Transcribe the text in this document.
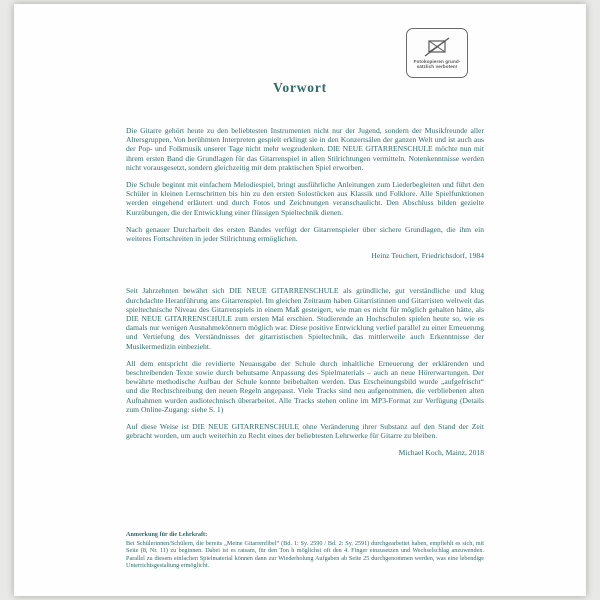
Fotokopieren grund-
sätzlich verboten!
Vorwort

Die Gitarre gehört heute zu den beliebtesten Instrumenten nicht nur der Jugend, sondern der Musikfreunde aller Altersgruppen. Von berühmten Interpreten gespielt erklingt sie in den Konzertsälen der ganzen Welt und ist auch aus der Pop- und Folkmusik unserer Tage nicht mehr wegzudenken. DIE NEUE GITARRENSCHULE möchte nun mit ihrem ersten Band die Grundlagen für das Gitarrenspiel in allen Stilrichtungen vermitteln. Notenkenntnisse werden nicht vorausgesetzt, sondern gleichzeitig mit dem praktischen Spiel erworben.

Die Schule beginnt mit einfachem Melodiespiel, bringt ausführliche Anleitungen zum Liederbegleiten und führt den Schüler in kleinen Lernschritten bis hin zu den ersten Solostücken aus Klassik und Folklore. Alle Spielfunktionen werden eingehend erläutert und durch Fotos und Zeichnungen veranschaulicht. Den Abschluss bilden gezielte Kurzübungen, die der Entwicklung einer flüssigen Spieltechnik dienen.

Nach genauer Durcharbeit des ersten Bandes verfügt der Gitarrenspieler über sichere Grundlagen, die ihm ein weiteres Fortschreiten in jeder Stilrichtung ermöglichen.

Heinz Teuchert, Friedrichsdorf, 1984

Seit Jahrzehnten bewährt sich DIE NEUE GITARRENSCHULE als gründliche, gut verständliche und klug durchdachte Heranführung ans Gitarrenspiel. Im gleichen Zeitraum haben Gitarristinnen und Gitarristen weltweit das spieltechnische Niveau des Gitarrenspiels in einem Maß gesteigert, wie man es nicht für möglich gehalten hätte, als DIE NEUE GITARRENSCHULE zum ersten Mal erschien. Studierende an Hochschulen spielen heute so, wie es damals nur wenigen Ausnahmekönnern möglich war. Diese positive Entwicklung verlief parallel zu einer Erneuerung und Vertiefung des Verständnisses der gitarristischen Spieltechnik, das mittlerweile auch Erkenntnisse der Musikermedizin einbezieht.

All dem entspricht die revidierte Neuausgabe der Schule durch inhaltliche Erneuerung der erklärenden und beschreibenden Texte sowie durch behutsame Anpassung des Spielmaterials – auch an neue Hörerwartungen. Der bewährte methodische Aufbau der Schule konnte beibehalten werden. Das Erscheinungsbild wurde „aufgefrischt“ und die Rechtschreibung den neuen Regeln angepasst. Viele Tracks sind neu aufgenommen, die verbliebenen alten Aufnahmen wurden audiotechnisch überarbeitet. Alle Tracks stehen online im MP3-Format zur Verfügung (Details zum Online-Zugang: siehe S. 1)

Auf diese Weise ist DIE NEUE GITARRENSCHULE ohne Veränderung ihrer Substanz auf den Stand der Zeit gebracht worden, um auch weiterhin zu Recht eines der beliebtesten Lehrwerke für Gitarre zu bleiben.

Michael Koch, Mainz, 2018
Anmerkung für die Lehrkraft:
Bei Schülerinnen/Schülern, die bereits „Meine Gitarrenfibel“ (Bd. 1: Sy. 2590 / Bd. 2: Sy. 2591) durchgearbeitet haben, empfiehlt es sich, mit Seite (8, Nr. 11) zu beginnen. Dabei ist es ratsam, für den Ton h möglichst oft den 4. Finger einzusetzen und Wechselschlag anzuwenden. Parallel zu diesem einfachen Spielmaterial können dann zur Wiederholung Aufgaben ab Seite 25 durchgenommen werden, was eine lebendige Unterrichtsgestaltung ermöglicht.
